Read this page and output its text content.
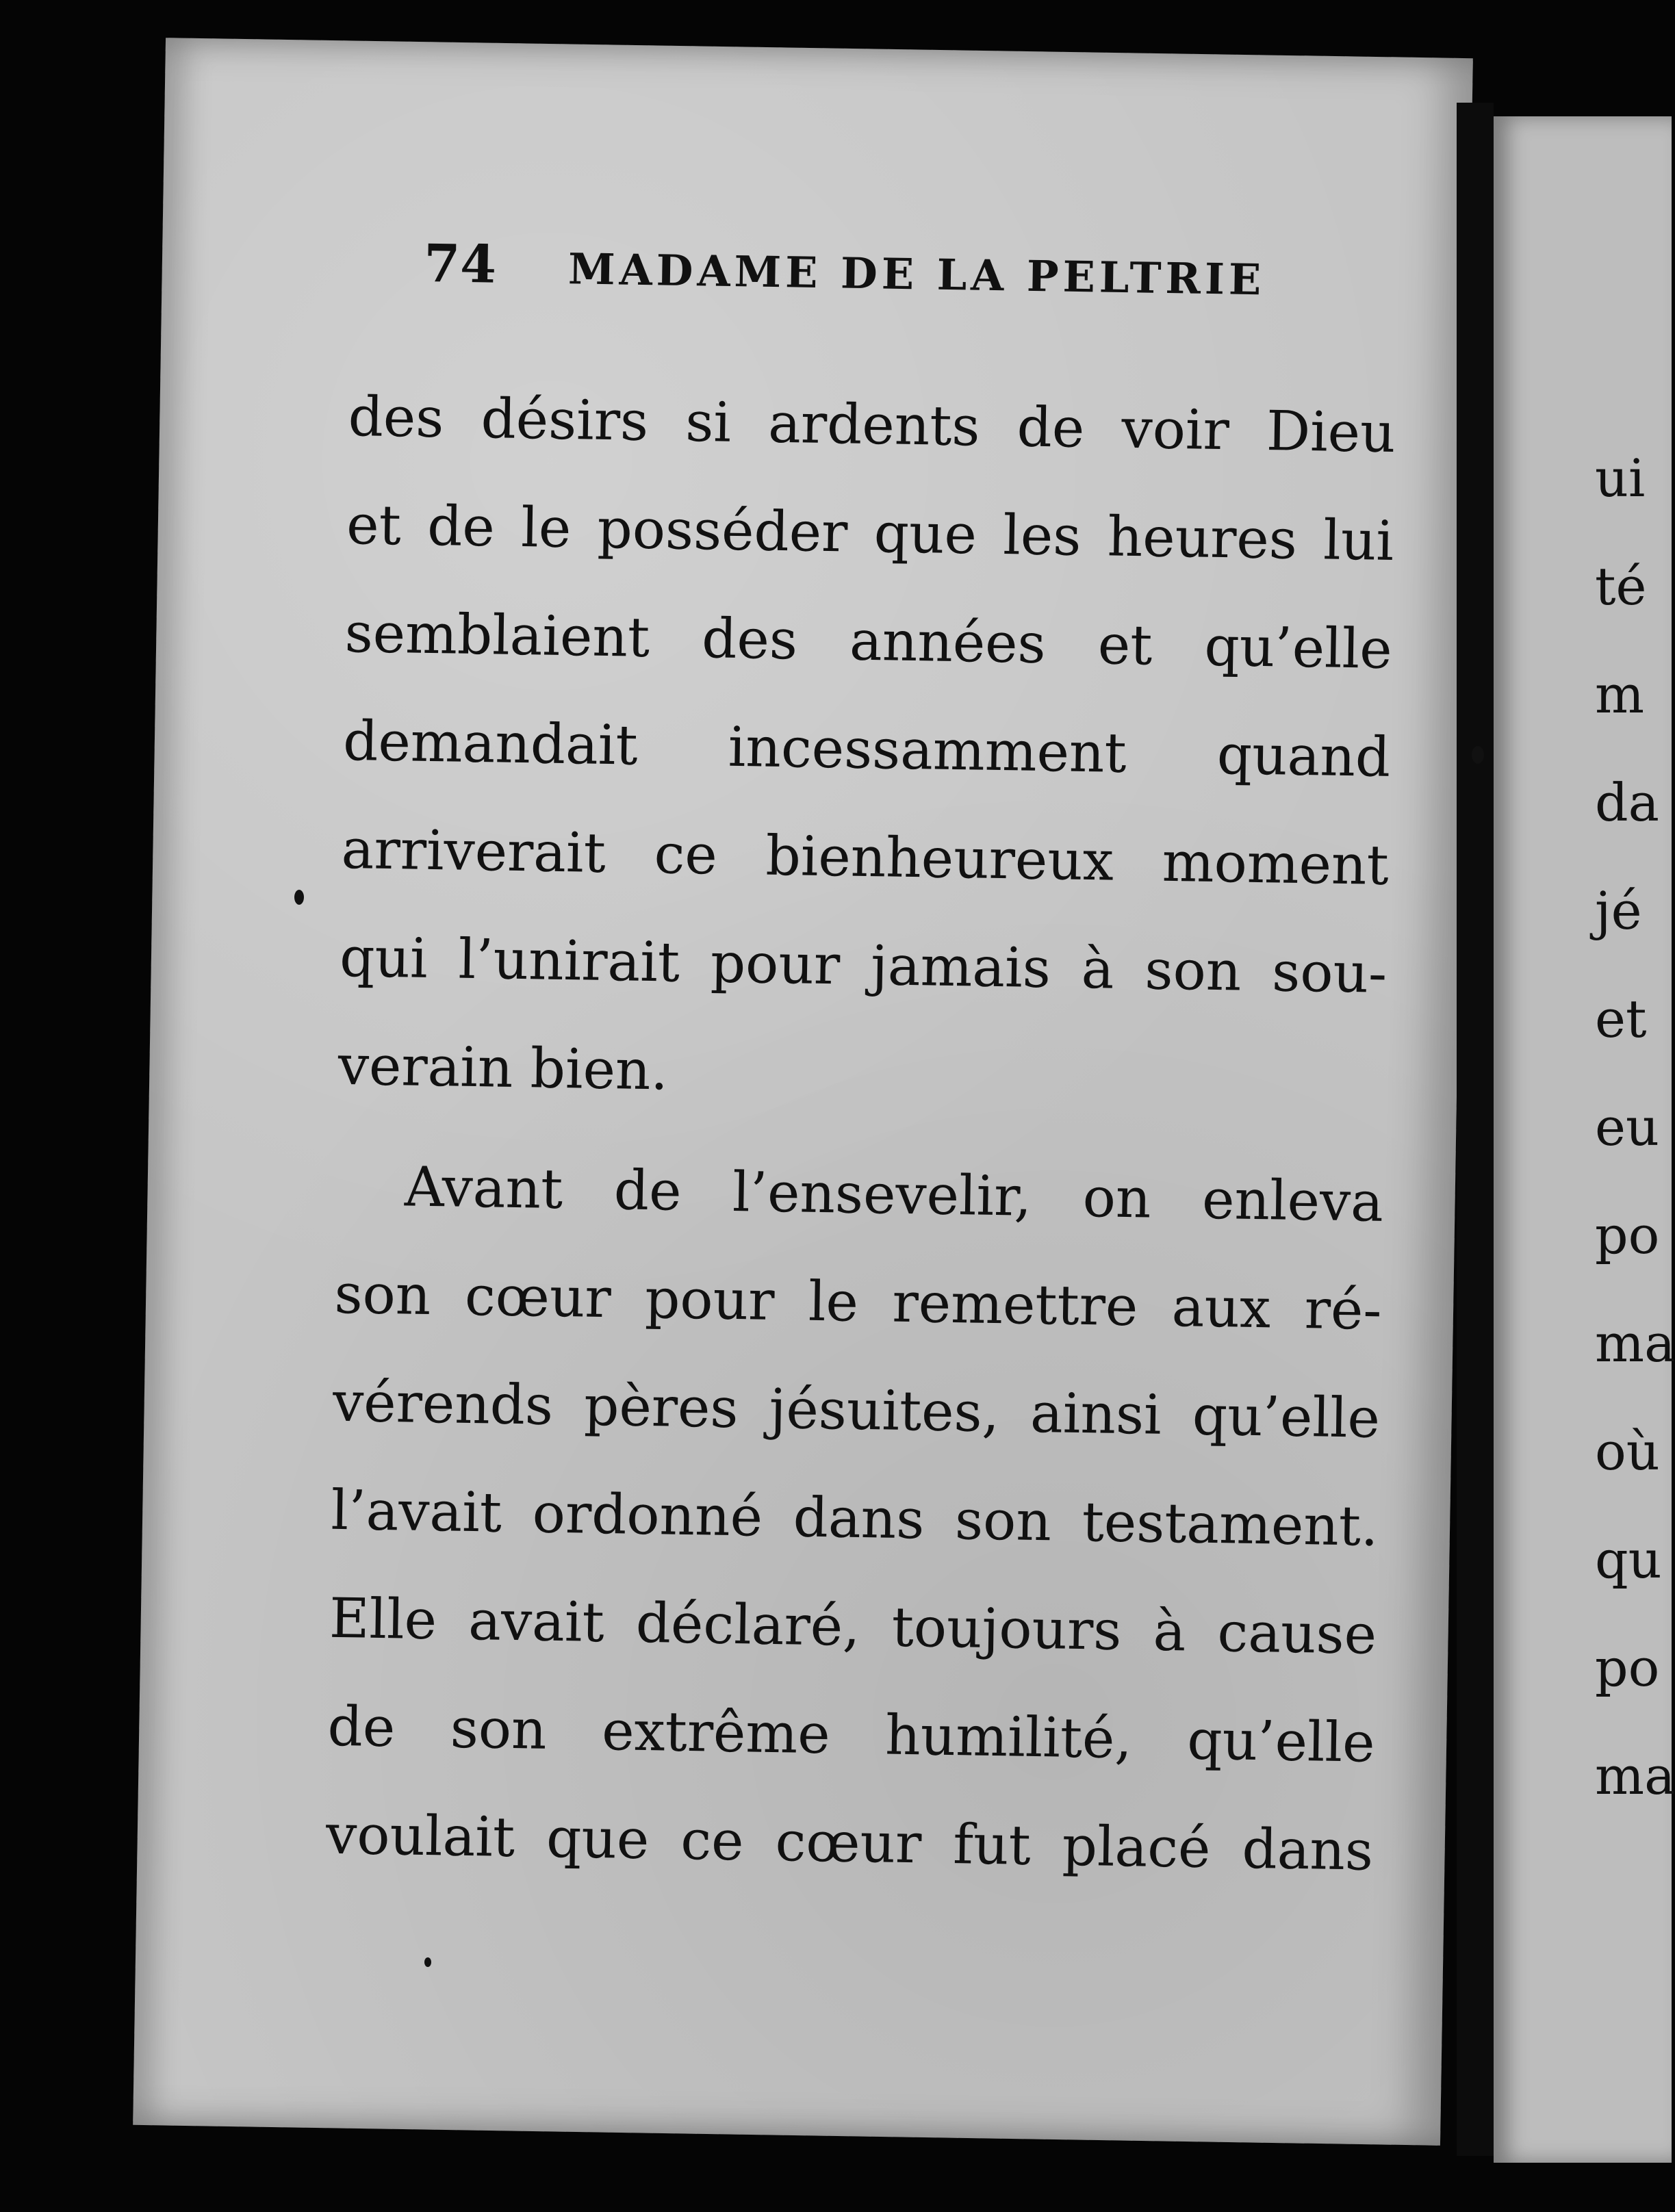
74 MADAME DE LA PELTRIE
des désirs si ardents de voir Dieu
et de le posséder que les heures lui
semblaient des années et qu’elle
demandait incessamment quand
arriverait ce bienheureux moment
qui l’unirait pour jamais à son sou-
verain bien.
Avant de l’ensevelir, on enleva
son cœur pour le remettre aux ré-
vérends pères jésuites, ainsi qu’elle
l’avait ordonné dans son testament.
Elle avait déclaré, toujours à cause
de son extrême humilité, qu’elle
voulait que ce cœur fut placé dans
ui
té
m
da
jé
et
eu
po
ma
où
qu
po
ma
